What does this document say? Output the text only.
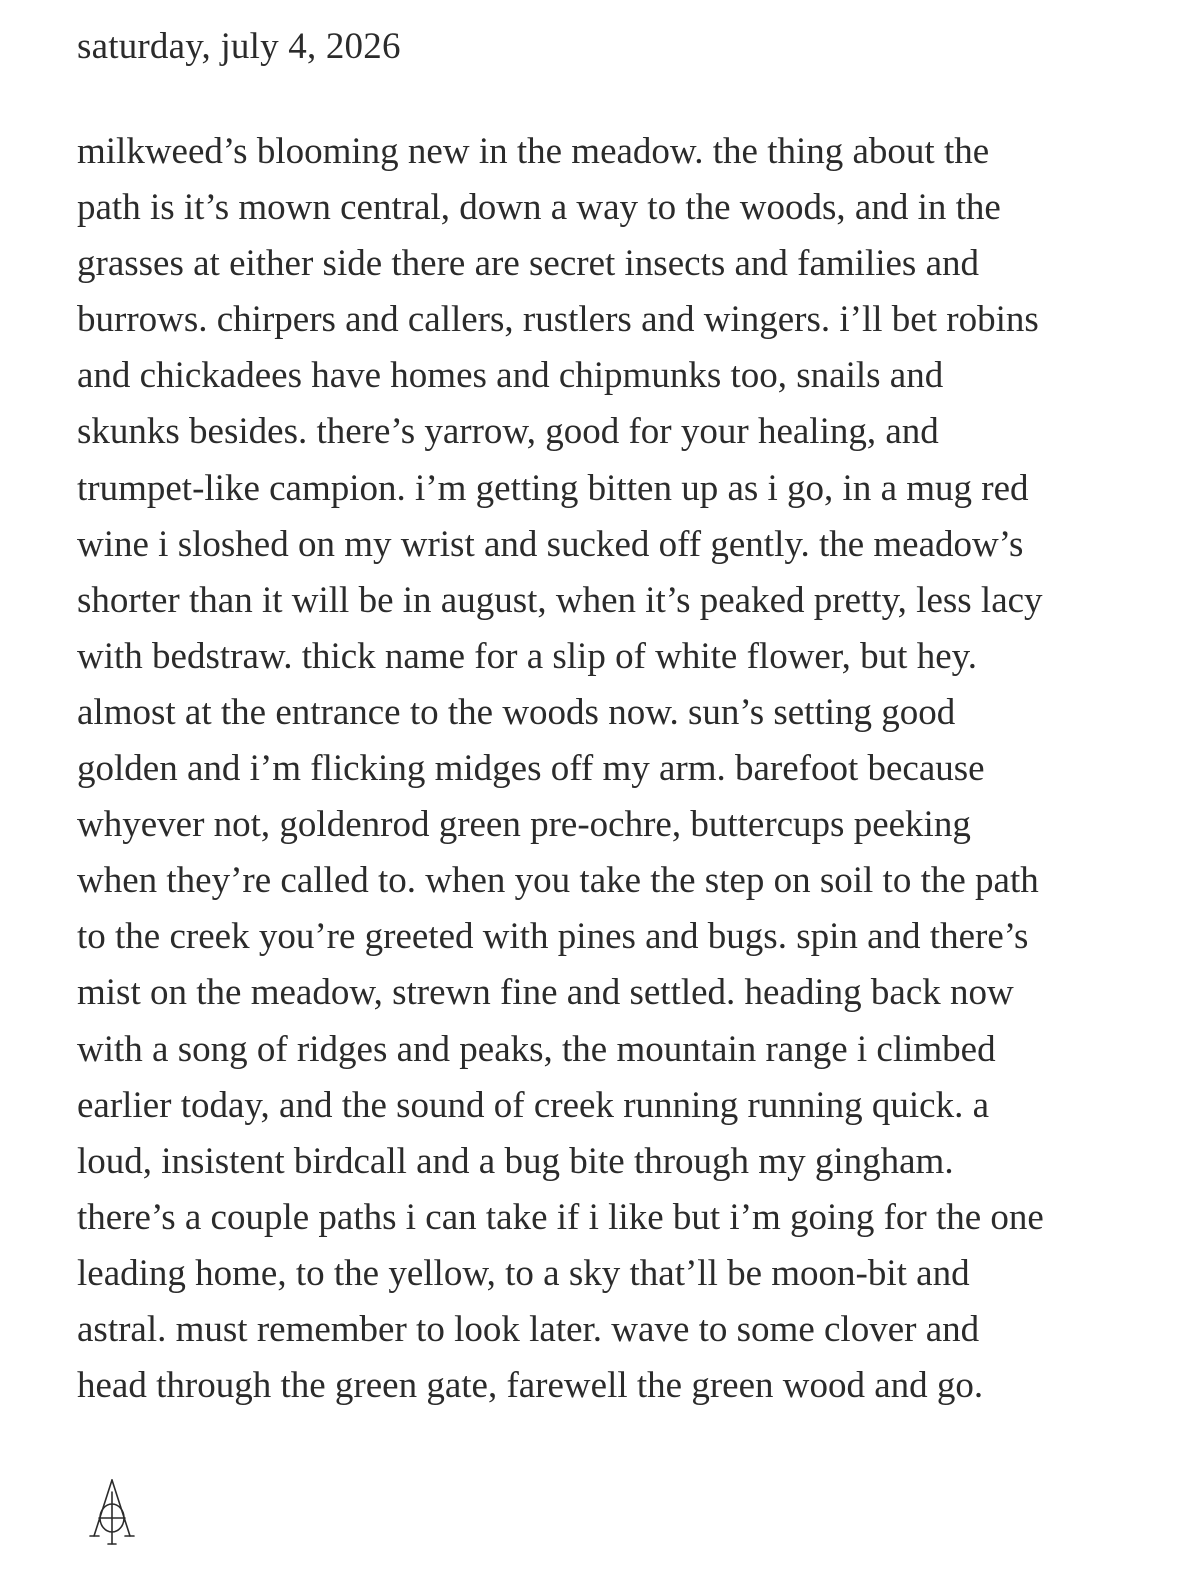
saturday, july 4, 2026

milkweed’s blooming new in the meadow. the thing about the
path is it’s mown central, down a way to the woods, and in the
grasses at either side there are secret insects and families and
burrows. chirpers and callers, rustlers and wingers. i’ll bet robins
and chickadees have homes and chipmunks too, snails and
skunks besides. there’s yarrow, good for your healing, and
trumpet-like campion. i’m getting bitten up as i go, in a mug red
wine i sloshed on my wrist and sucked off gently. the meadow’s
shorter than it will be in august, when it’s peaked pretty, less lacy
with bedstraw. thick name for a slip of white flower, but hey.
almost at the entrance to the woods now. sun’s setting good
golden and i’m flicking midges off my arm. barefoot because
whyever not, goldenrod green pre-ochre, buttercups peeking
when they’re called to. when you take the step on soil to the path
to the creek you’re greeted with pines and bugs. spin and there’s
mist on the meadow, strewn fine and settled. heading back now
with a song of ridges and peaks, the mountain range i climbed
earlier today, and the sound of creek running running quick. a
loud, insistent birdcall and a bug bite through my gingham.
there’s a couple paths i can take if i like but i’m going for the one
leading home, to the yellow, to a sky that’ll be moon-bit and
astral. must remember to look later. wave to some clover and
head through the green gate, farewell the green wood and go.
